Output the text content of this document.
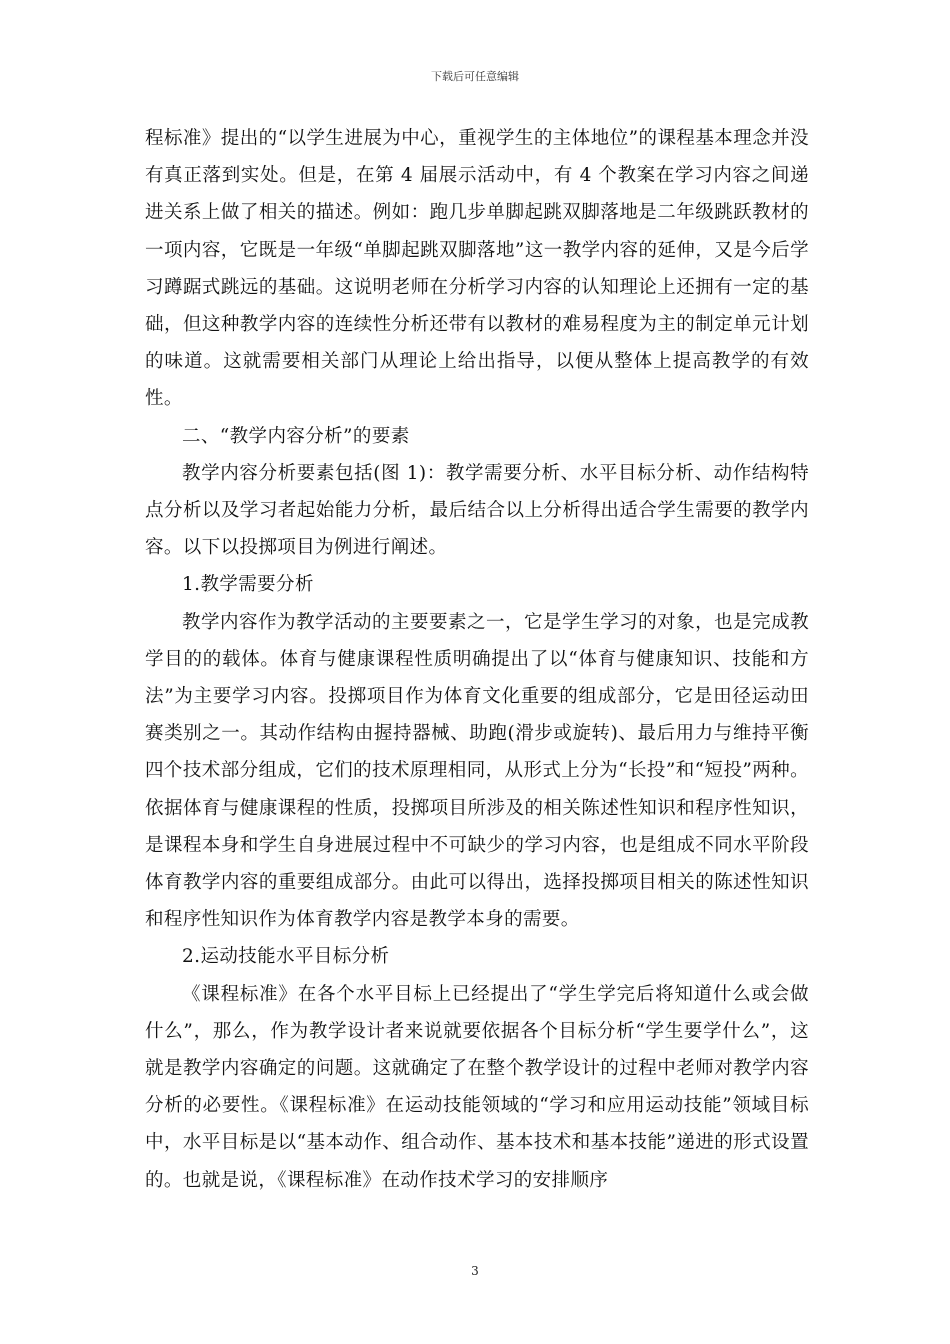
下载后可任意编辑

程标准》提出的“以学生进展为中心，重视学生的主体地位”的课程基本理念并没有真正落到实处。但是，在第 4 届展示活动中，有 4 个教案在学习内容之间递进关系上做了相关的描述。例如：跑几步单脚起跳双脚落地是二年级跳跃教材的一项内容，它既是一年级“单脚起跳双脚落地”这一教学内容的延伸，又是今后学习蹲踞式跳远的基础。这说明老师在分析学习内容的认知理论上还拥有一定的基础，但这种教学内容的连续性分析还带有以教材的难易程度为主的制定单元计划的味道。这就需要相关部门从理论上给出指导，以便从整体上提高教学的有效性。

二、“教学内容分析”的要素

教学内容分析要素包括(图 1)：教学需要分析、水平目标分析、动作结构特点分析以及学习者起始能力分析，最后结合以上分析得出适合学生需要的教学内容。以下以投掷项目为例进行阐述。

1.教学需要分析

教学内容作为教学活动的主要要素之一，它是学生学习的对象，也是完成教学目的的载体。体育与健康课程性质明确提出了以“体育与健康知识、技能和方法”为主要学习内容。投掷项目作为体育文化重要的组成部分，它是田径运动田赛类别之一。其动作结构由握持器械、助跑(滑步或旋转)、最后用力与维持平衡四个技术部分组成，它们的技术原理相同，从形式上分为“长投”和“短投”两种。依据体育与健康课程的性质，投掷项目所涉及的相关陈述性知识和程序性知识，是课程本身和学生自身进展过程中不可缺少的学习内容，也是组成不同水平阶段体育教学内容的重要组成部分。由此可以得出，选择投掷项目相关的陈述性知识和程序性知识作为体育教学内容是教学本身的需要。

2.运动技能水平目标分析

《课程标准》在各个水平目标上已经提出了“学生学完后将知道什么或会做什么”，那么，作为教学设计者来说就要依据各个目标分析“学生要学什么”，这就是教学内容确定的问题。这就确定了在整个教学设计的过程中老师对教学内容分析的必要性。《课程标准》在运动技能领域的“学习和应用运动技能”领域目标中，水平目标是以“基本动作、组合动作、基本技术和基本技能”递进的形式设置的。也就是说，《课程标准》在动作技术学习的安排顺序

3
